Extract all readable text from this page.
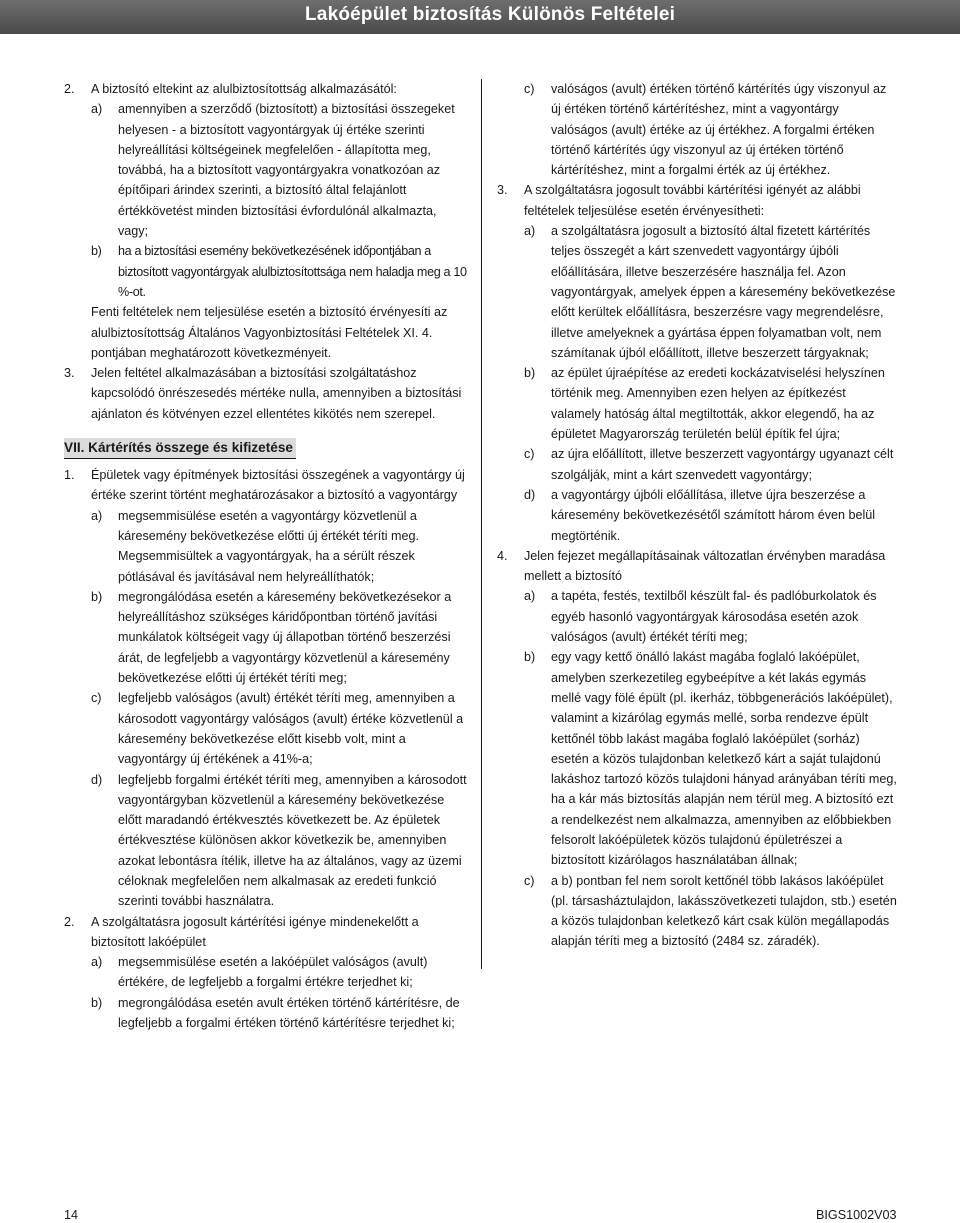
Lakóépület biztosítás Különös Feltételei
2. A biztosító eltekint az alulbiztosítottság alkalmazásától:
a) amennyiben a szerződő (biztosított) a biztosítási összegeket helyesen - a biztosított vagyontárgyak új értéke szerinti helyreállítási költségeinek megfelelően - állapította meg, továbbá, ha a biztosított vagyontárgyakra vonatkozóan az építőipari árindex szerinti, a biztosító által felajánlott értékkövetést minden biztosítási évfordulónál alkalmazta, vagy;
b) ha a biztosítási esemény bekövetkezésének időpontjában a biztosított vagyontárgyak alulbiztosítottsága nem haladja meg a 10 %-ot.
Fenti feltételek nem teljesülése esetén a biztosító érvényesíti az alulbiztosítottság Általános Vagyonbiztosítási Feltételek XI. 4. pontjában meghatározott következményeit.
3. Jelen feltétel alkalmazásában a biztosítási szolgáltatáshoz kapcsolódó önrészesedés mértéke nulla, amennyiben a biztosítási ajánlaton és kötvényen ezzel ellentétes kikötés nem szerepel.
VII. Kártérítés összege és kifizetése
1. Épületek vagy építmények biztosítási összegének a vagyontárgy új értéke szerint történt meghatározásakor a biztosító a vagyontárgy
a) megsemmisülése esetén a vagyontárgy közvetlenül a káresemény bekövetkezése előtti új értékét téríti meg. Megsemmisültek a vagyontárgyak, ha a sérült részek pótlásával és javításával nem helyreállíthatók;
b) megrongálódása esetén a káresemény bekövetkezésekor a helyreállításhoz szükséges káridőpontban történő javítási munkálatok költségeit vagy új állapotban történő beszerzési árát, de legfeljebb a vagyontárgy közvetlenül a káresemény bekövetkezése előtti új értékét téríti meg;
c) legfeljebb valóságos (avult) értékét téríti meg, amennyiben a károsodott vagyontárgy valóságos (avult) értéke közvetlenül a káresemény bekövetkezése előtt kisebb volt, mint a vagyontárgy új értékének a 41%-a;
d) legfeljebb forgalmi értékét téríti meg, amennyiben a károsodott vagyontárgyban közvetlenül a káresemény bekövetkezése előtt maradandó értékvesztés következett be. Az épületek értékvesztése különösen akkor következik be, amennyiben azokat lebontásra ítélik, illetve ha az általános, vagy az üzemi céloknak megfelelően nem alkalmasak az eredeti funkció szerinti további használatra.
2. A szolgáltatásra jogosult kártérítési igénye mindenekelőtt a biztosított lakóépület
a) megsemmisülése esetén a lakóépület valóságos (avult) értékére, de legfeljebb a forgalmi értékre terjedhet ki;
b) megrongálódása esetén avult értéken történő kártérítésre, de legfeljebb a forgalmi értéken történő kártérítésre terjedhet ki;
c) valóságos (avult) értéken történő kártérítés úgy viszonyul az új értéken történő kártérítéshez, mint a vagyontárgy valóságos (avult) értéke az új értékhez. A forgalmi értéken történő kártérítés úgy viszonyul az új értéken történő kártérítéshez, mint a forgalmi érték az új értékhez.
3. A szolgáltatásra jogosult további kártérítési igényét az alábbi feltételek teljesülése esetén érvényesítheti:
a) a szolgáltatásra jogosult a biztosító által fizetett kártérítés teljes összegét a kárt szenvedett vagyontárgy újbóli előállítására, illetve beszerzésére használja fel. Azon vagyontárgyak, amelyek éppen a káresemény bekövetkezése előtt kerültek előállításra, beszerzésre vagy megrendelésre, illetve amelyeknek a gyártása éppen folyamatban volt, nem számítanak újból előállított, illetve beszerzett tárgyaknak;
b) az épület újraépítése az eredeti kockázatviselési helyszínen történik meg. Amennyiben ezen helyen az építkezést valamely hatóság által megtiltották, akkor elegendő, ha az épületet Magyarország területén belül építik fel újra;
c) az újra előállított, illetve beszerzett vagyontárgy ugyanazt célt szolgálják, mint a kárt szenvedett vagyontárgy;
d) a vagyontárgy újbóli előállítása, illetve újra beszerzése a káresemény bekövetkezésétől számított három éven belül megtörténik.
4. Jelen fejezet megállapításainak változatlan érvényben maradása mellett a biztosító
a) a tapéta, festés, textilből készült fal- és padlóburkolatok és egyéb hasonló vagyontárgyak károsodása esetén azok valóságos (avult) értékét téríti meg;
b) egy vagy kettő önálló lakást magába foglaló lakóépület, amelyben szerkezetileg egybeépítve a két lakás egymás mellé vagy fölé épült (pl. ikerház, többgenerációs lakóépület), valamint a kizárólag egymás mellé, sorba rendezve épült kettőnél több lakást magába foglaló lakóépület (sorház) esetén a közös tulajdonban keletkező kárt a saját tulajdonú lakáshoz tartozó közös tulajdoni hányad arányában téríti meg, ha a kár más biztosítás alapján nem térül meg. A biztosító ezt a rendelkezést nem alkalmazza, amennyiben az előbbiekben felsorolt lakóépületek közös tulajdonú épületrészei a biztosított kizárólagos használatában állnak;
c) a b) pontban fel nem sorolt kettőnél több lakásos lakóépület (pl. társasháztulajdon, lakásszövetkezeti tulajdon, stb.) esetén a közös tulajdonban keletkező kárt csak külön megállapodás alapján téríti meg a biztosító (2484 sz. záradék).
14	BIGS1002V03
